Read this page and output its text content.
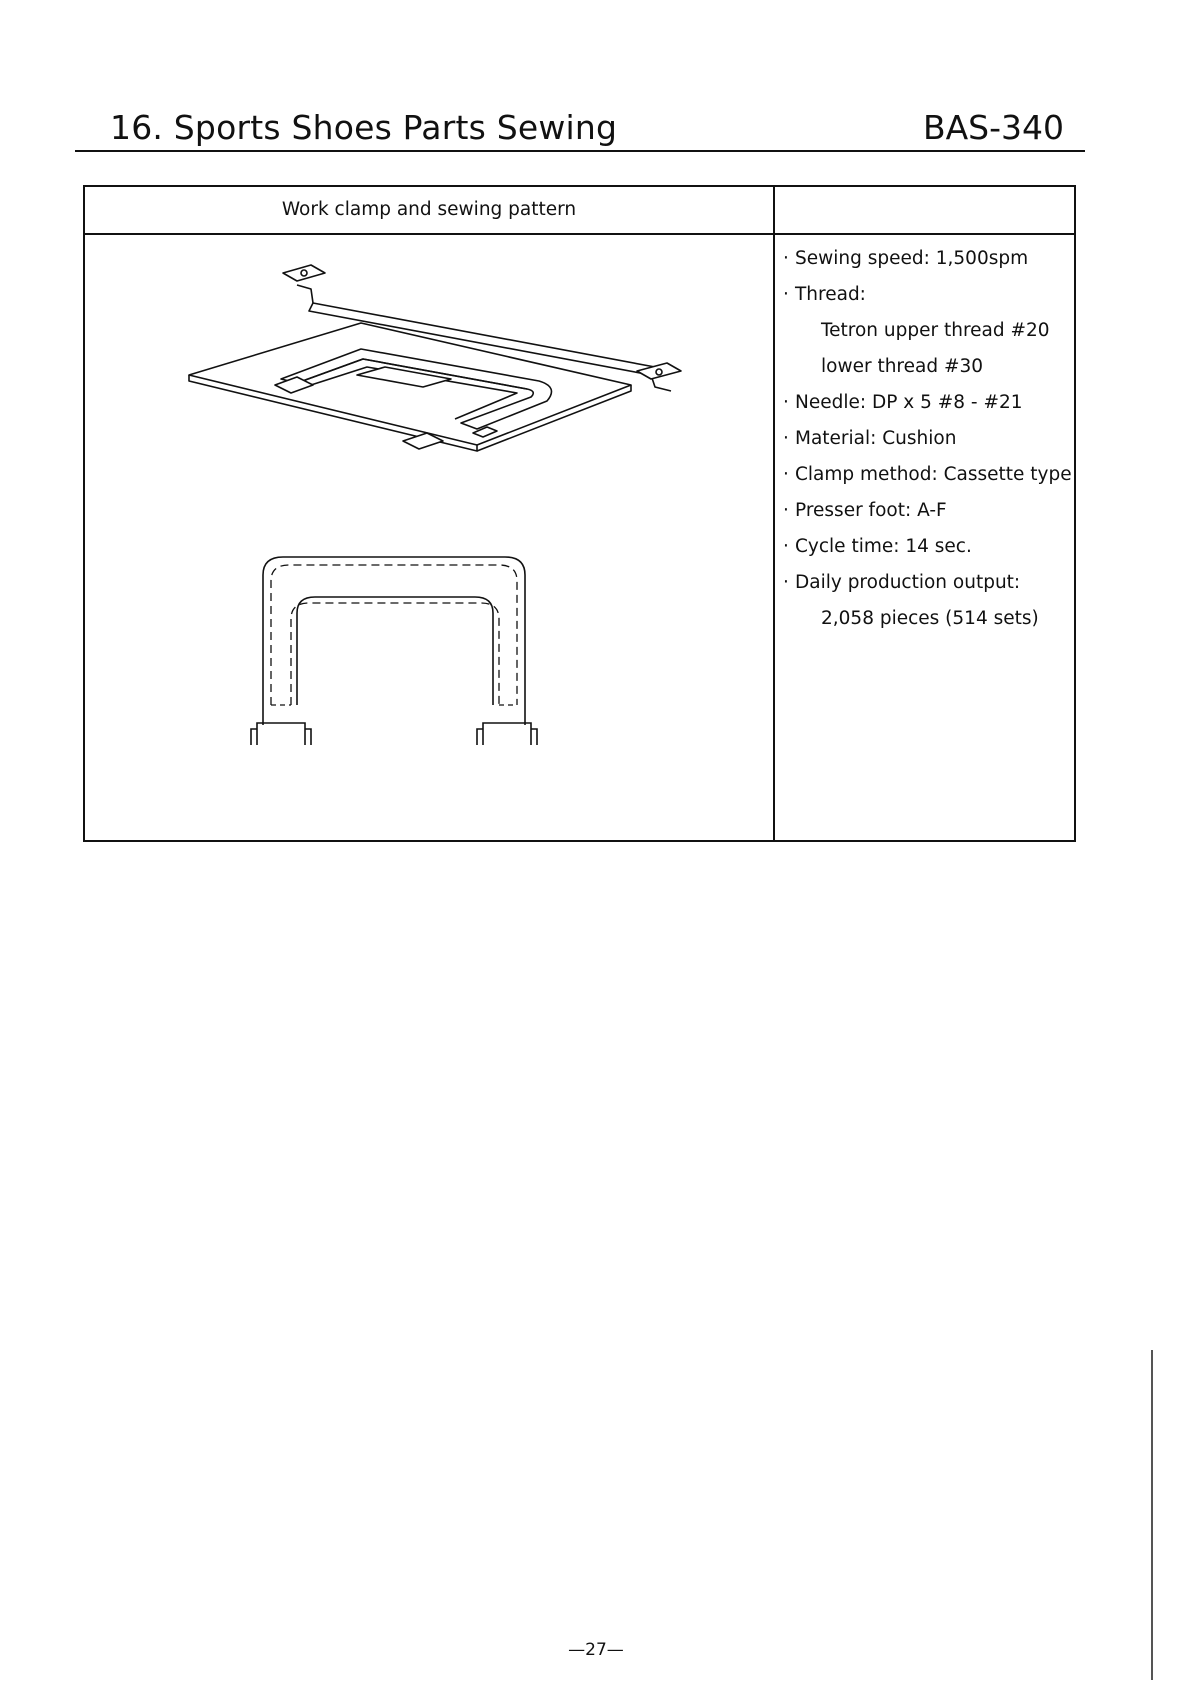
16. Sports Shoes Parts Sewing	BAS-340
Work clamp and sewing pattern
· Sewing speed: 1,500spm
· Thread:
Tetron upper thread #20
lower thread #30
· Needle: DP x 5 #8 - #21
· Material: Cushion
· Clamp method: Cassette type
· Presser foot: A-F
· Cycle time: 14 sec.
· Daily production output:
2,058 pieces (514 sets)
—27—
